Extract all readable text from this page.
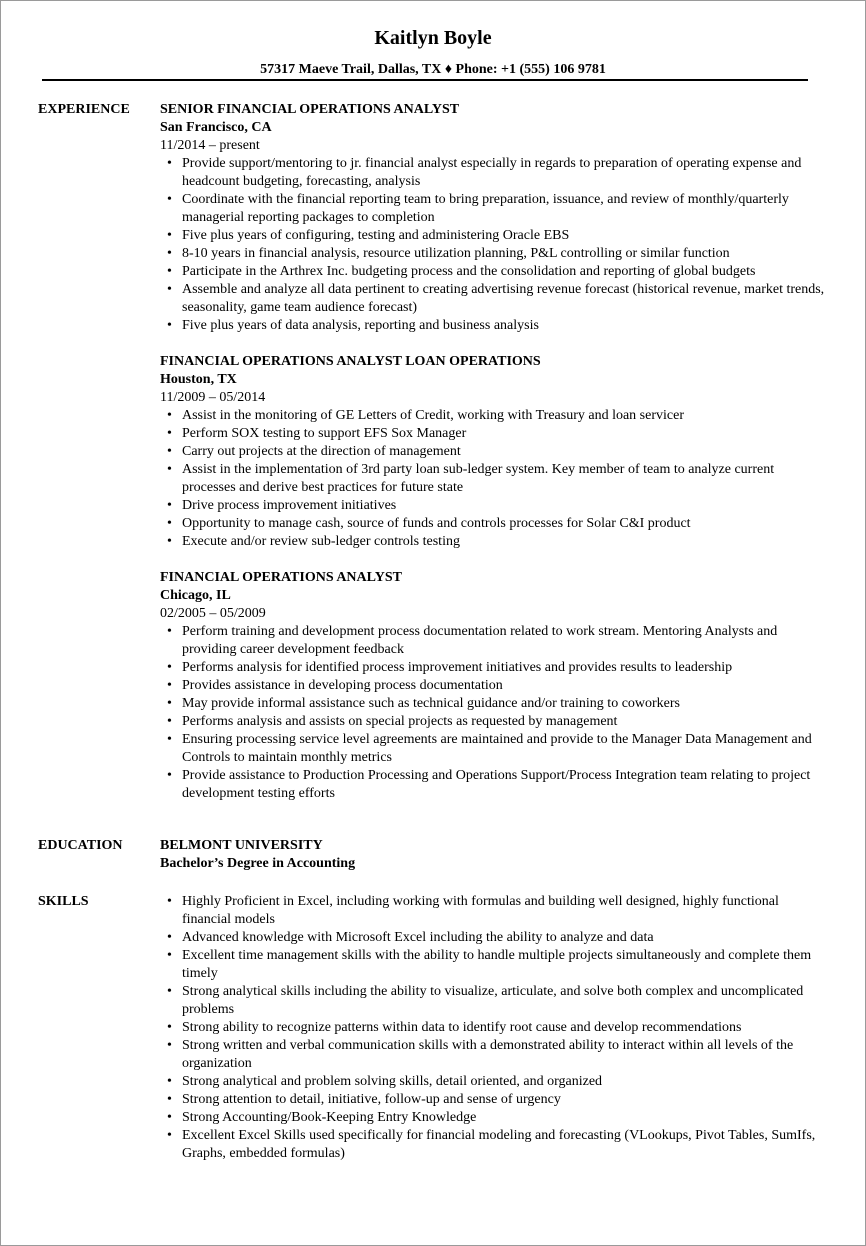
Kaitlyn Boyle
57317 Maeve Trail, Dallas, TX ♦ Phone: +1 (555) 106 9781
EXPERIENCE SENIOR FINANCIAL OPERATIONS ANALYST
San Francisco, CA
11/2014 – present
• Provide support/mentoring to jr. financial analyst especially in regards to preparation of operating expense and headcount budgeting, forecasting, analysis
• Coordinate with the financial reporting team to bring preparation, issuance, and review of monthly/quarterly managerial reporting packages to completion
• Five plus years of configuring, testing and administering Oracle EBS
• 8-10 years in financial analysis, resource utilization planning, P&L controlling or similar function
• Participate in the Arthrex Inc. budgeting process and the consolidation and reporting of global budgets
• Assemble and analyze all data pertinent to creating advertising revenue forecast (historical revenue, market trends, seasonality, game team audience forecast)
• Five plus years of data analysis, reporting and business analysis
FINANCIAL OPERATIONS ANALYST LOAN OPERATIONS
Houston, TX
11/2009 – 05/2014
• Assist in the monitoring of GE Letters of Credit, working with Treasury and loan servicer
• Perform SOX testing to support EFS Sox Manager
• Carry out projects at the direction of management
• Assist in the implementation of 3rd party loan sub-ledger system. Key member of team to analyze current processes and derive best practices for future state
• Drive process improvement initiatives
• Opportunity to manage cash, source of funds and controls processes for Solar C&I product
• Execute and/or review sub-ledger controls testing
FINANCIAL OPERATIONS ANALYST
Chicago, IL
02/2005 – 05/2009
• Perform training and development process documentation related to work stream. Mentoring Analysts and providing career development feedback
• Performs analysis for identified process improvement initiatives and provides results to leadership
• Provides assistance in developing process documentation
• May provide informal assistance such as technical guidance and/or training to coworkers
• Performs analysis and assists on special projects as requested by management
• Ensuring processing service level agreements are maintained and provide to the Manager Data Management and Controls to maintain monthly metrics
• Provide assistance to Production Processing and Operations Support/Process Integration team relating to project development testing efforts
EDUCATION	BELMONT UNIVERSITY
Bachelor’s Degree in Accounting
SKILLS
•	Highly Proficient in Excel, including working with formulas and building well designed, highly functional financial models
• Advanced knowledge with Microsoft Excel including the ability to analyze and data
• Excellent time management skills with the ability to handle multiple projects simultaneously and complete them timely
• Strong analytical skills including the ability to visualize, articulate, and solve both complex and uncomplicated problems
• Strong ability to recognize patterns within data to identify root cause and develop recommendations
• Strong written and verbal communication skills with a demonstrated ability to interact within all levels of the organization
• Strong analytical and problem solving skills, detail oriented, and organized
• Strong attention to detail, initiative, follow-up and sense of urgency
• Strong Accounting/Book-Keeping Entry Knowledge
• Excellent Excel Skills used specifically for financial modeling and forecasting (VLookups, Pivot Tables, SumIfs, Graphs, embedded formulas)
